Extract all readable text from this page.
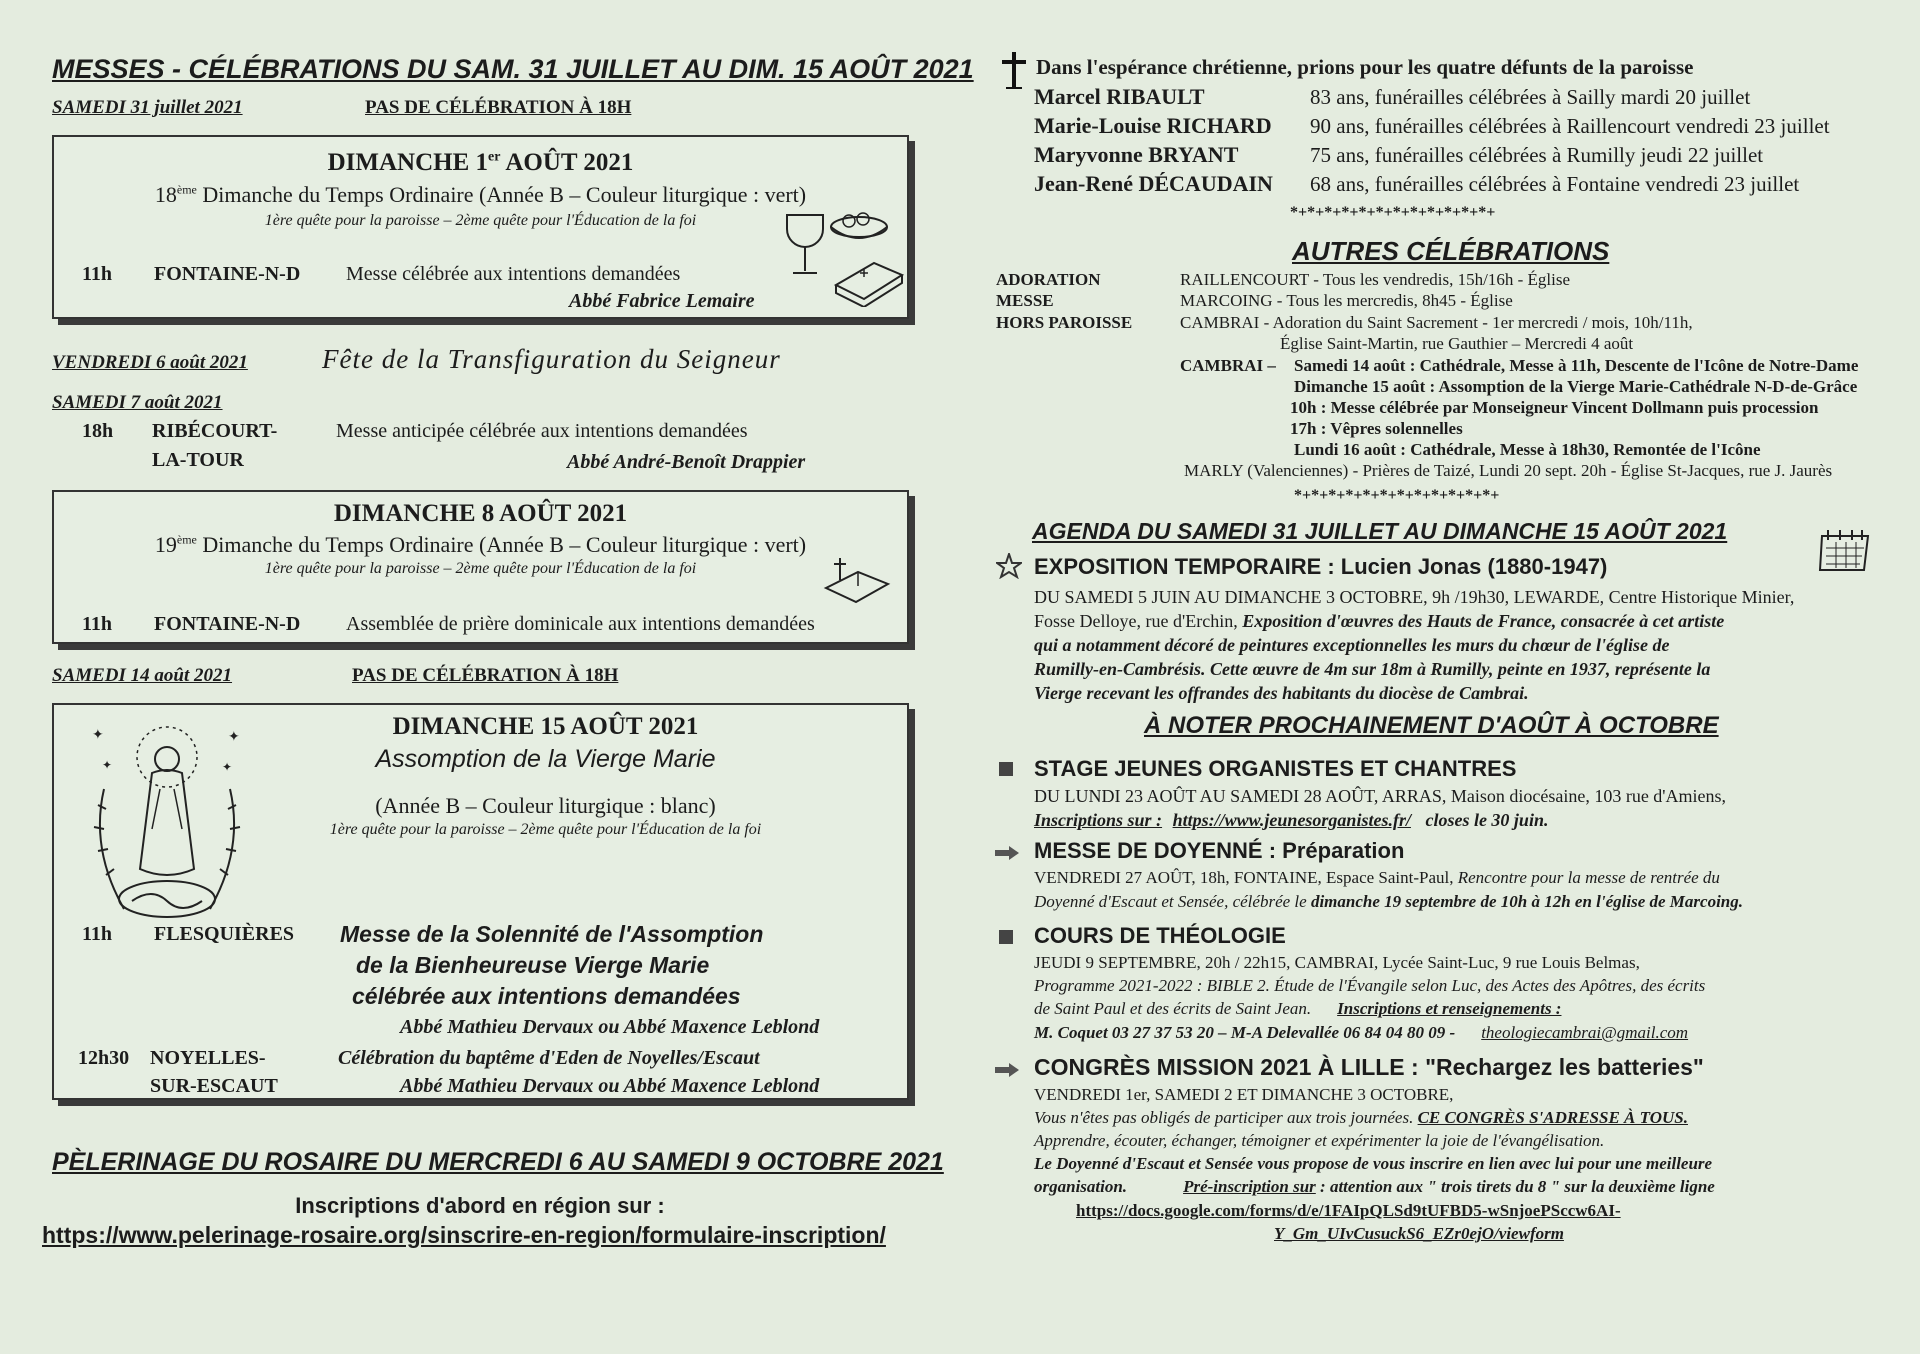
MESSES - CÉLÉBRATIONS DU SAM. 31 JUILLET AU DIM. 15 AOÛT 2021
SAMEDI 31 juillet 2021	PAS DE CÉLÉBRATION À 18H
DIMANCHE 1er AOÛT 2021
18ème Dimanche du Temps Ordinaire (Année B – Couleur liturgique : vert)
1ère quête pour la paroisse – 2ème quête pour l'Éducation de la foi
11h FONTAINE-N-D Messe célébrée aux intentions demandées
Abbé Fabrice Lemaire
VENDREDI 6 août 2021	Fête de la Transfiguration du Seigneur
SAMEDI 7 août 2021
18h RIBÉCOURT-
LA-TOUR
Messe anticipée célébrée aux intentions demandées
Abbé André-Benoît Drappier
DIMANCHE 8 AOÛT 2021
19ème Dimanche du Temps Ordinaire (Année B – Couleur liturgique : vert)
1ère quête pour la paroisse – 2ème quête pour l'Éducation de la foi
11h FONTAINE-N-D Assemblée de prière dominicale aux intentions demandées
SAMEDI 14 août 2021	PAS DE CÉLÉBRATION À 18H
✦	✦
✦	✦
DIMANCHE 15 AOÛT 2021
Assomption de la Vierge Marie
(Année B – Couleur liturgique : blanc)
1ère quête pour la paroisse – 2ème quête pour l'Éducation de la foi
11h FLESQUIÈRES Messe de la Solennité de l'Assomption
de la Bienheureuse Vierge Marie
célébrée aux intentions demandées
Abbé Mathieu Dervaux ou Abbé Maxence Leblond
12h30 NOYELLES-
SUR-ESCAUT
Célébration du baptême d'Eden de Noyelles/Escaut
Abbé Mathieu Dervaux ou Abbé Maxence Leblond
PÈLERINAGE DU ROSAIRE DU MERCREDI 6 AU SAMEDI 9 OCTOBRE 2021
Inscriptions d'abord en région sur :
https://www.pelerinage-rosaire.org/sinscrire-en-region/formulaire-inscription/
Dans l'espérance chrétienne, prions pour les quatre défunts de la paroisse
Marcel RIBAULT	83 ans, funérailles célébrées à Sailly mardi 20 juillet
Marie-Louise RICHARD 90 ans, funérailles célébrées à Raillencourt vendredi 23 juillet
Maryvonne BRYANT	75 ans, funérailles célébrées à Rumilly jeudi 22 juillet
Jean-René DÉCAUDAIN 68 ans, funérailles célébrées à Fontaine vendredi 23 juillet
*+*+*+*+*+*+*+*+*+*+*+*+
AUTRES CÉLÉBRATIONS
ADORATION	RAILLENCOURT - Tous les vendredis, 15h/16h - Église
MESSE	MARCOING - Tous les mercredis, 8h45 - Église
HORS PAROISSE	CAMBRAI - Adoration du Saint Sacrement - 1er mercredi / mois, 10h/11h,
Église Saint-Martin, rue Gauthier – Mercredi 4 août
CAMBRAI – Samedi 14 août : Cathédrale, Messe à 11h, Descente de l'Icône de Notre-Dame
Dimanche 15 août : Assomption de la Vierge Marie-Cathédrale N-D-de-Grâce
10h : Messe célébrée par Monseigneur Vincent Dollmann puis procession
17h : Vêpres solennelles
Lundi 16 août : Cathédrale, Messe à 18h30, Remontée de l'Icône
MARLY (Valenciennes) - Prières de Taizé, Lundi 20 sept. 20h - Église St-Jacques, rue J. Jaurès
*+*+*+*+*+*+*+*+*+*+*+*+
AGENDA DU SAMEDI 31 JUILLET AU DIMANCHE 15 AOÛT 2021
EXPOSITION TEMPORAIRE : Lucien Jonas (1880-1947)
DU SAMEDI 5 JUIN AU DIMANCHE 3 OCTOBRE, 9h /19h30, LEWARDE, Centre Historique Minier,
Fosse Delloye, rue d'Erchin, Exposition d'œuvres des Hauts de France, consacrée à cet artiste
qui a notamment décoré de peintures exceptionnelles les murs du chœur de l'église de
Rumilly-en-Cambrésis. Cette œuvre de 4m sur 18m à Rumilly, peinte en 1937, représente la
Vierge recevant les offrandes des habitants du diocèse de Cambrai.
À NOTER PROCHAINEMENT D'AOÛT À OCTOBRE
STAGE JEUNES ORGANISTES ET CHANTRES
DU LUNDI 23 AOÛT AU SAMEDI 28 AOÛT, ARRAS, Maison diocésaine, 103 rue d'Amiens,
Inscriptions sur : https://www.jeunesorganistes.fr/ closes le 30 juin.
MESSE DE DOYENNÉ : Préparation
VENDREDI 27 AOÛT, 18h, FONTAINE, Espace Saint-Paul, Rencontre pour la messe de rentrée du
Doyenné d'Escaut et Sensée, célébrée le dimanche 19 septembre de 10h à 12h en l'église de Marcoing.
COURS DE THÉOLOGIE
JEUDI 9 SEPTEMBRE, 20h / 22h15, CAMBRAI, Lycée Saint-Luc, 9 rue Louis Belmas,
Programme 2021-2022 : BIBLE 2. Étude de l'Évangile selon Luc, des Actes des Apôtres, des écrits
de Saint Paul et des écrits de Saint Jean. Inscriptions et renseignements :
M. Coquet 03 27 37 53 20 – M-A Delevallée 06 84 04 80 09 - theologiecambrai@gmail.com
CONGRÈS MISSION 2021 À LILLE : "Rechargez les batteries"
VENDREDI 1er, SAMEDI 2 ET DIMANCHE 3 OCTOBRE,
Vous n'êtes pas obligés de participer aux trois journées. CE CONGRÈS S'ADRESSE À TOUS.
Apprendre, écouter, échanger, témoigner et expérimenter la joie de l'évangélisation.
Le Doyenné d'Escaut et Sensée vous propose de vous inscrire en lien avec lui pour une meilleure
organisation.	Pré-inscription sur : attention aux " trois tirets du 8 " sur la deuxième ligne
https://docs.google.com/forms/d/e/1FAIpQLSd9tUFBD5-wSnjoePSccw6AI-
Y_Gm_UIvCusuckS6_EZr0ejO/viewform
